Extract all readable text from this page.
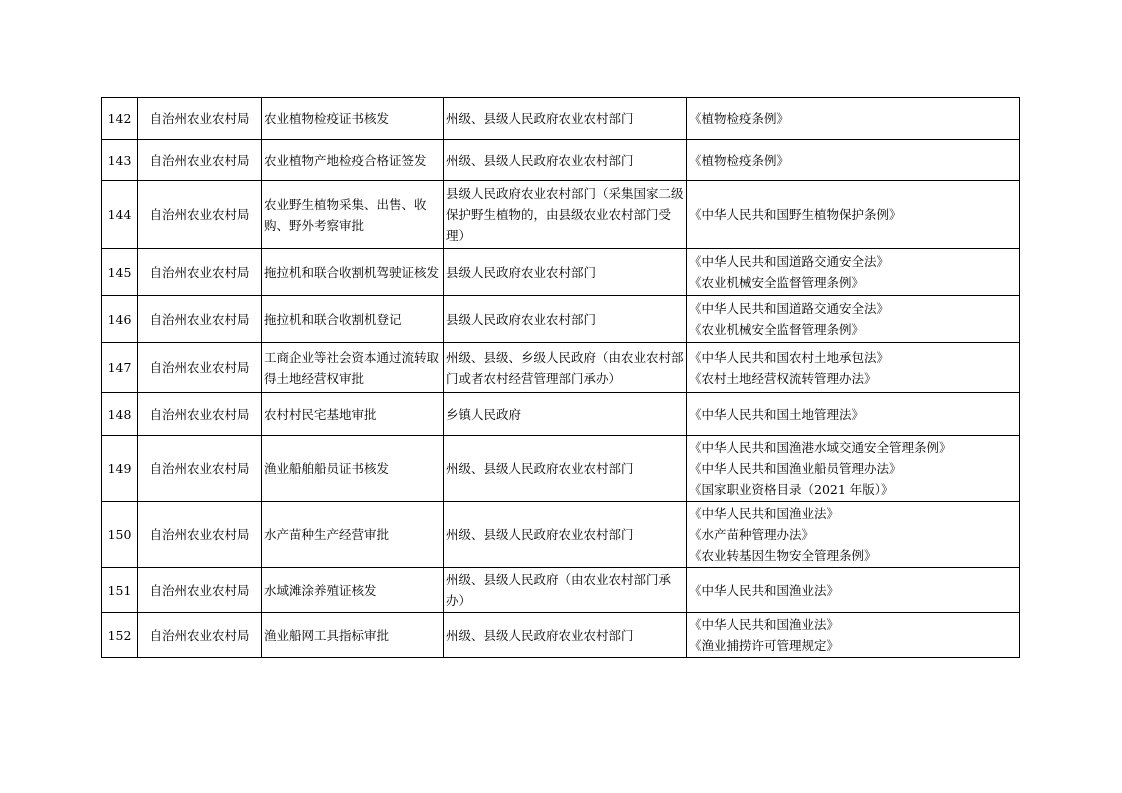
142	自治州农业农村局	农业植物检疫证书核发	州级、县级人民政府农业农村部门	《植物检疫条例》

143	自治州农业农村局	农业植物产地检疫合格证签发	州级、县级人民政府农业农村部门	《植物检疫条例》

144	自治州农业农村局	农业野生植物采集、出售、收购、野外考察审批	县级人民政府农业农村部门（采集国家二级保护野生植物的，由县级农业农村部门受理）	《中华人民共和国野生植物保护条例》

145	自治州农业农村局	拖拉机和联合收割机驾驶证核发	县级人民政府农业农村部门	《中华人民共和国道路交通安全法》
《农业机械安全监督管理条例》

146	自治州农业农村局	拖拉机和联合收割机登记	县级人民政府农业农村部门	《中华人民共和国道路交通安全法》
《农业机械安全监督管理条例》

147	自治州农业农村局	工商企业等社会资本通过流转取得土地经营权审批	州级、县级、乡级人民政府（由农业农村部门或者农村经营管理部门承办）	《中华人民共和国农村土地承包法》
《农村土地经营权流转管理办法》

148	自治州农业农村局	农村村民宅基地审批	乡镇人民政府	《中华人民共和国土地管理法》

149	自治州农业农村局	渔业船舶船员证书核发	州级、县级人民政府农业农村部门	《中华人民共和国渔港水域交通安全管理条例》
《中华人民共和国渔业船员管理办法》
《国家职业资格目录（2021 年版）》

150	自治州农业农村局	水产苗种生产经营审批	州级、县级人民政府农业农村部门	《中华人民共和国渔业法》
《水产苗种管理办法》
《农业转基因生物安全管理条例》

151	自治州农业农村局	水域滩涂养殖证核发	州级、县级人民政府（由农业农村部门承办）	《中华人民共和国渔业法》

152	自治州农业农村局	渔业船网工具指标审批	州级、县级人民政府农业农村部门	《中华人民共和国渔业法》
《渔业捕捞许可管理规定》
